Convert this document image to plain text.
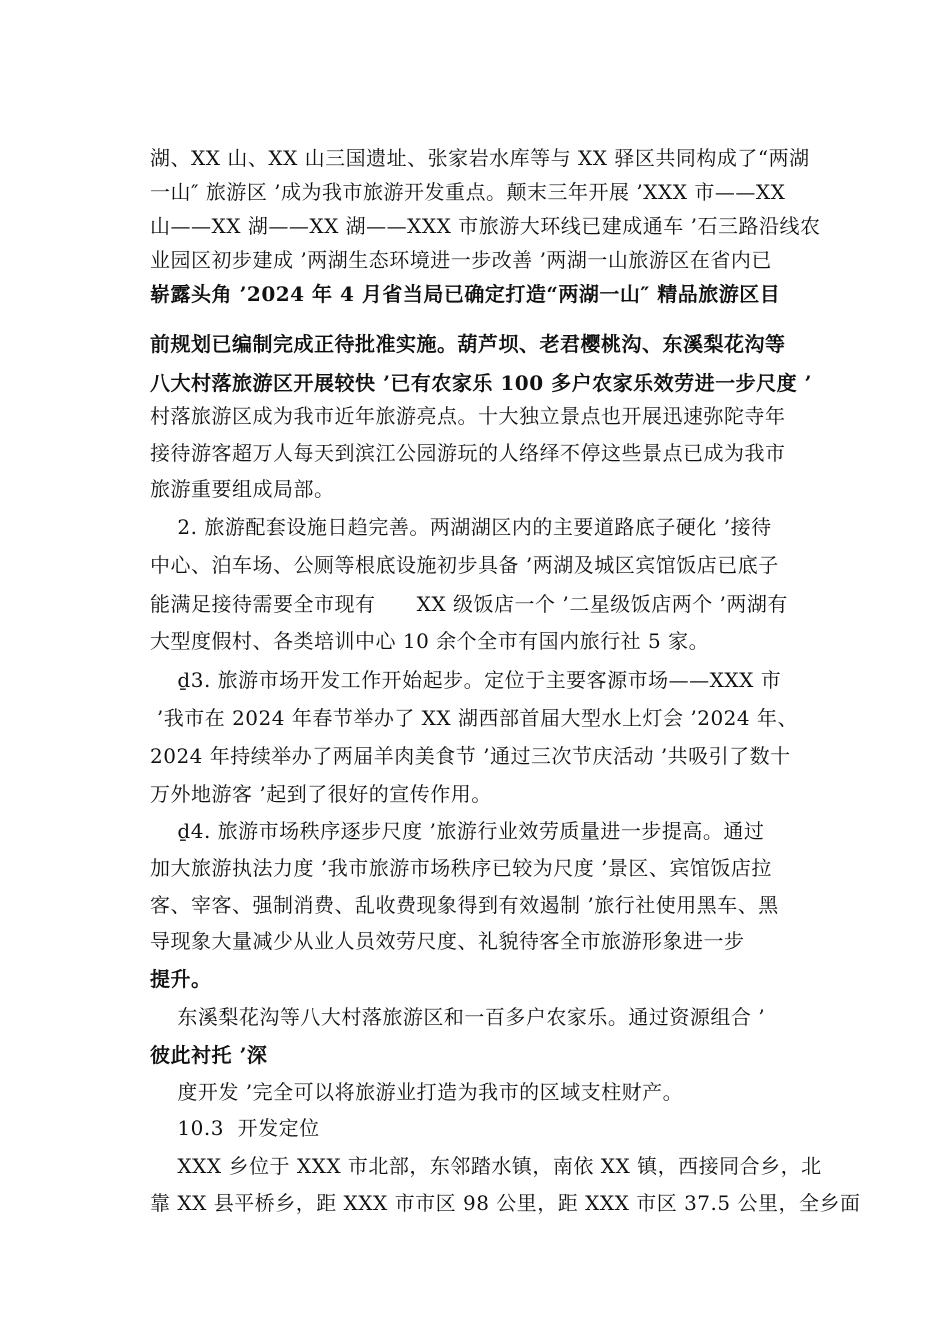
湖、XX 山、XX 山三国遗址、张家岩水库等与 XX 驿区共同构成了“两湖
一山″ 旅游区 ’成为我市旅游开发重点。颠末三年开展 ’XXX 市——XX
山——XX 湖——XX 湖——XXX 市旅游大环线已建成通车 ’石三路沿线农
业园区初步建成 ’两湖生态环境进一步改善 ’两湖一山旅游区在省内已
崭露头角 ’2024 年 4 月省当局已确定打造“两湖一山″ 精品旅游区目
前规划已编制完成正待批准实施。葫芦坝、老君樱桃沟、东溪梨花沟等
八大村落旅游区开展较快 ’已有农家乐 100 多户农家乐效劳进一步尺度 ’
村落旅游区成为我市近年旅游亮点。十大独立景点也开展迅速弥陀寺年
接待游客超万人每天到滨江公园游玩的人络绎不停这些景点已成为我市
旅游重要组成局部。
2. 旅游配套设施日趋完善。两湖湖区内的主要道路底子硬化 ’接待
中心、泊车场、公厕等根底设施初步具备 ’两湖及城区宾馆饭店已底子
能满足接待需要全市现有      XX 级饭店一个 ’二星级饭店两个 ’两湖有
大型度假村、各类培训中心 10 余个全市有国内旅行社 5 家。
ḏ3. 旅游市场开发工作开始起步。定位于主要客源市场——XXX 市
’我市在 2024 年春节举办了 XX 湖西部首届大型水上灯会 ’2024 年、
2024 年持续举办了两届羊肉美食节 ’通过三次节庆活动 ’共吸引了数十
万外地游客 ’起到了很好的宣传作用。
ḏ4. 旅游市场秩序逐步尺度 ’旅游行业效劳质量进一步提高。通过
加大旅游执法力度 ’我市旅游市场秩序已较为尺度 ’景区、宾馆饭店拉
客、宰客、强制消费、乱收费现象得到有效遏制 ’旅行社使用黑车、黑
导现象大量减少从业人员效劳尺度、礼貌待客全市旅游形象进一步
提升。
东溪梨花沟等八大村落旅游区和一百多户农家乐。通过资源组合 ’
彼此衬托 ’深
度开发 ’完全可以将旅游业打造为我市的区域支柱财产。
10.3  开发定位
XXX 乡位于 XXX 市北部，东邻踏水镇，南依 XX 镇，西接同合乡，北
靠 XX 县平桥乡，距 XXX 市市区 98 公里，距 XXX 市区 37.5 公里，全乡面
